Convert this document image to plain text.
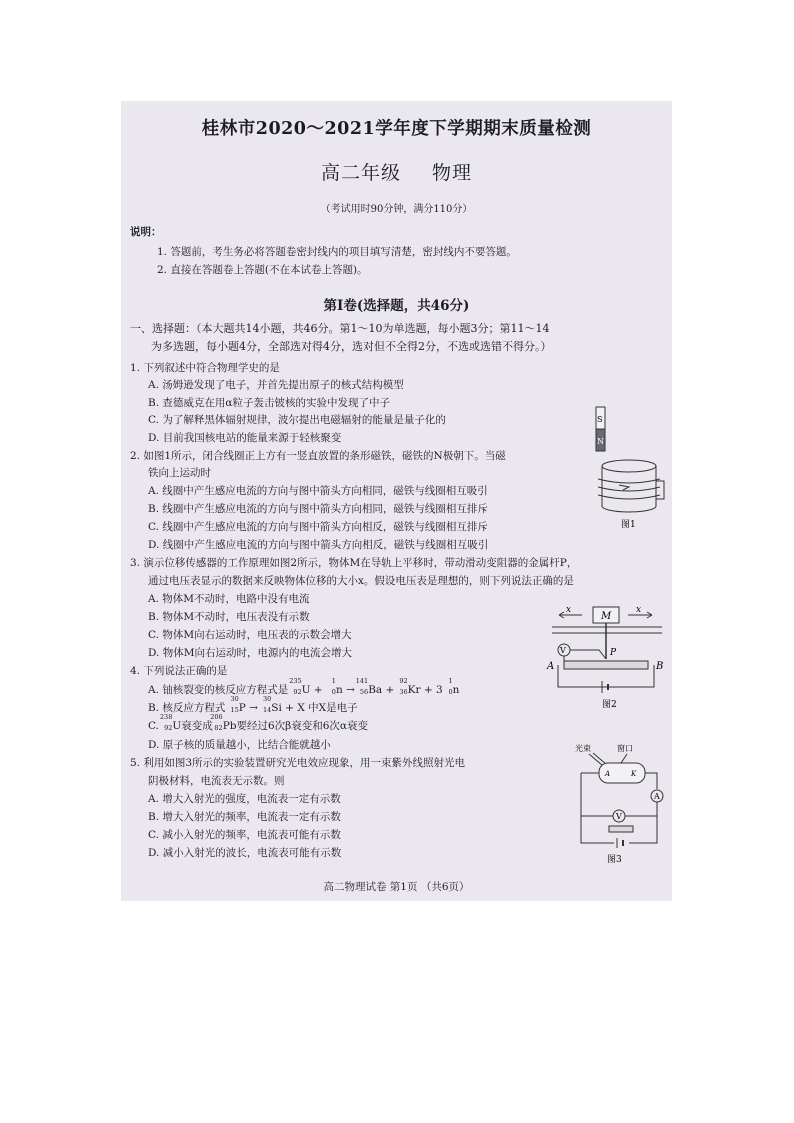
桂林市2020～2021学年度下学期期末质量检测
高二年级 物理
（考试用时90分钟，满分110分）
说明：
1. 答题前，考生务必将答题卷密封线内的项目填写清楚，密封线内不要答题。
2. 直接在答题卷上答题(不在本试卷上答题)。
第Ⅰ卷(选择题，共46分)
一、选择题：（本大题共14小题，共46分。第1～10为单选题，每小题3分；第11～14
为多选题，每小题4分，全部选对得4分，选对但不全得2分，不选或选错不得分。）
1. 下列叙述中符合物理学史的是
A. 汤姆逊发现了电子，并首先提出原子的核式结构模型
B. 查德威克在用α粒子轰击铍核的实验中发现了中子
C. 为了解释黑体辐射规律，波尔提出电磁辐射的能量是量子化的
D. 目前我国核电站的能量来源于轻核聚变
2. 如图1所示，闭合线圈正上方有一竖直放置的条形磁铁，磁铁的N极朝下。当磁
铁向上运动时
A. 线圈中产生感应电流的方向与图中箭头方向相同，磁铁与线圈相互吸引
B. 线圈中产生感应电流的方向与图中箭头方向相同，磁铁与线圈相互排斥
C. 线圈中产生感应电流的方向与图中箭头方向相反，磁铁与线圈相互排斥
D. 线圈中产生感应电流的方向与图中箭头方向相反，磁铁与线圈相互吸引
3. 演示位移传感器的工作原理如图2所示，物体M在导轨上平移时，带动滑动变阻器的金属杆P，
通过电压表显示的数据来反映物体位移的大小x。假设电压表是理想的，则下列说法正确的是
A. 物体M不动时，电路中没有电流
B. 物体M不动时，电压表没有示数
C. 物体M向右运动时，电压表的示数会增大
D. 物体M向右运动时，电源内的电流会增大
4. 下列说法正确的是
A. 铀核裂变的核反应方程式是
235
92 U +
1
0 n →
141
56 Ba +
92
36 Kr + 3
1
0 n
B. 核反应方程式
30
15 P →
30
14 Si + X 中X是电子
C.
238
92 U衰变成
206
82 Pb要经过6次β衰变和6次α衰变
D. 原子核的质量越小，比结合能就越小
5. 利用如图3所示的实验装置研究光电效应现象，用一束紫外线照射光电
阴极材料，电流表无示数。则
A. 增大入射光的强度，电流表一定有示数
B. 增大入射光的频率，电流表一定有示数
C. 减小入射光的频率，电流表可能有示数
D. 减小入射光的波长，电流表可能有示数
S
N
图1
x	x
M
P
V
A	B
图2
光束	窗口
A	K
A
V
图3
高二物理试卷 第1页 （共6页）
